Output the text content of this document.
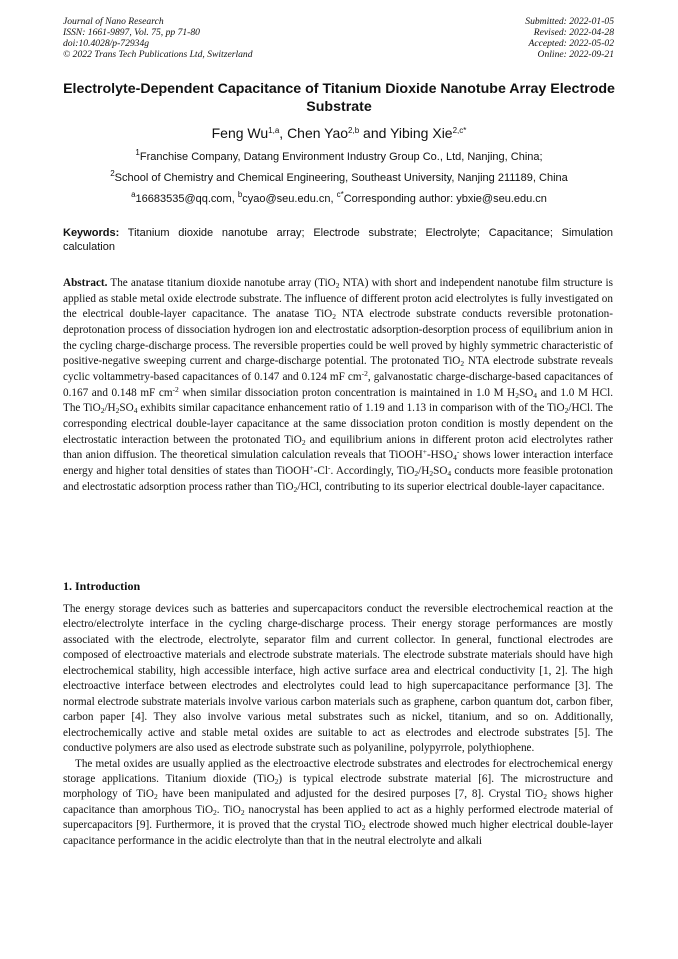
Journal of Nano Research
ISSN: 1661-9897, Vol. 75, pp 71-80
doi:10.4028/p-72934g
© 2022 Trans Tech Publications Ltd, Switzerland
Submitted: 2022-01-05
Revised: 2022-04-28
Accepted: 2022-05-02
Online: 2022-09-21
Electrolyte-Dependent Capacitance of Titanium Dioxide Nanotube Array Electrode Substrate
Feng Wu$^{1,a}$, Chen Yao$^{2,b}$ and Yibing Xie$^{2,c*}$
$^1$Franchise Company, Datang Environment Industry Group Co., Ltd, Nanjing, China;
$^2$School of Chemistry and Chemical Engineering, Southeast University, Nanjing 211189, China
$^a$16683535@qq.com, $^b$cyao@seu.edu.cn, $^{c*}$Corresponding author: ybxie@seu.edu.cn
Keywords: Titanium dioxide nanotube array; Electrode substrate; Electrolyte; Capacitance; Simulation calculation
Abstract. The anatase titanium dioxide nanotube array (TiO$_2$ NTA) with short and independent nanotube film structure is applied as stable metal oxide electrode substrate. The influence of different proton acid electrolytes is fully investigated on the electrical double-layer capacitance. The anatase TiO$_2$ NTA electrode substrate conducts reversible protonation-deprotonation process of dissociation hydrogen ion and electrostatic adsorption-desorption process of equilibrium anion in the cycling charge-discharge process. The reversible properties could be well proved by highly symmetric characteristic of positive-negative sweeping current and charge-discharge potential. The protonated TiO$_2$ NTA electrode substrate reveals cyclic voltammetry-based capacitances of 0.147 and 0.124 mF $cm^{-2}$, galvanostatic charge-discharge-based capacitances of 0.167 and 0.148 mF $cm^{-2}$ when similar dissociation proton concentration is maintained in 1.0 M $H_2SO_4$ and 1.0 M HCl. The $TiO_2/H_2SO_4$ exhibits similar capacitance enhancement ratio of 1.19 and 1.13 in comparison with of the TiO$_2$/HCl. The corresponding electrical double-layer capacitance at the same dissociation proton condition is mostly dependent on the electrostatic interaction between the protonated TiO$_2$ and equilibrium anions in different proton acid electrolytes rather than anion diffusion. The theoretical simulation calculation reveals that $TiOOH^+-HSO_4^-$ shows lower interaction interface energy and higher total densities of states than TiOOH+-Cl-. Accordingly, $TiO_2/H_2SO_4$ conducts more feasible protonation and electrostatic adsorption process rather than TiO$_2$/HCl, contributing to its superior electrical double-layer capacitance.
1. Introduction

The energy storage devices such as batteries and supercapacitors conduct the reversible electrochemical reaction at the electro/electrolyte interface in the cycling charge-discharge process. Their energy storage performances are mostly associated with the electrode, electrolyte, separator film and current collector. In general, functional electrodes are composed of electroactive materials and electrode substrate materials. The electrode substrate materials should have high electrochemical stability, high accessible interface, high active surface area and electrical conductivity [1, 2]. The high electroactive interface between electrodes and electrolytes could lead to high supercapacitance performance [3]. The normal electrode substrate materials involve various carbon materials such as graphene, carbon quantum dot, carbon fiber, carbon paper [4]. They also involve various metal substrates such as nickel, titanium, and so on. Additionally, electrochemically active and stable metal oxides are suitable to act as electrodes and electrode substrates [5]. The conductive polymers are also used as electrode substrate such as polyaniline, polypyrrole, polythiophene.

The metal oxides are usually applied as the electroactive electrode substrates and electrodes for electrochemical energy storage applications. Titanium dioxide (TiO$_2$) is typical electrode substrate material [6]. The microstructure and morphology of TiO$_2$ have been manipulated and adjusted for the desired purposes [7, 8]. Crystal TiO$_2$ shows higher capacitance than amorphous TiO$_2$. TiO$_2$ nanocrystal has been applied to act as a highly performed electrode material of supercapacitors [9]. Furthermore, it is proved that the crystal TiO$_2$ electrode showed much higher electrical double-layer capacitance performance in the acidic electrolyte than that in the neutral electrolyte and alkali
